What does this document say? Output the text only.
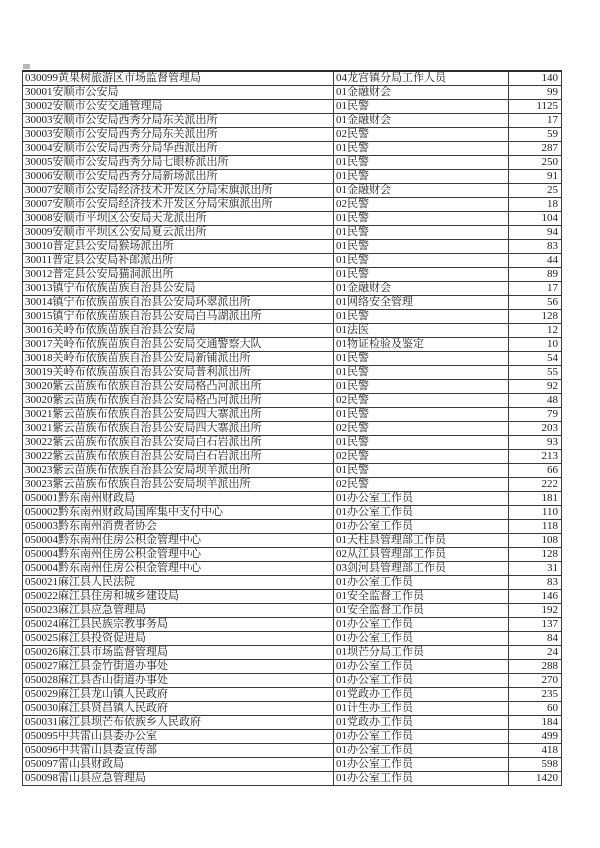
030099黄果树旅游区市场监督管理局	04龙宫镇分局工作人员	140
30001安顺市公安局	01金融财会	99
30002安顺市公安交通管理局	01民警	1125
30003安顺市公安局西秀分局东关派出所	01金融财会	17
30003安顺市公安局西秀分局东关派出所	02民警	59
30004安顺市公安局西秀分局华西派出所	01民警	287
30005安顺市公安局西秀分局七眼桥派出所	01民警	250
30006安顺市公安局西秀分局新场派出所	01民警	91
30007安顺市公安局经济技术开发区分局宋旗派出所	01金融财会	25
30007安顺市公安局经济技术开发区分局宋旗派出所	02民警	18
30008安顺市平坝区公安局天龙派出所	01民警	104
30009安顺市平坝区公安局夏云派出所	01民警	94
30010普定县公安局猴场派出所	01民警	83
30011普定县公安局补郎派出所	01民警	44
30012普定县公安局猫洞派出所	01民警	89
30013镇宁布依族苗族自治县公安局	01金融财会	17
30014镇宁布依族苗族自治县公安局环翠派出所	01网络安全管理	56
30015镇宁布依族苗族自治县公安局白马湖派出所	01民警	128
30016关岭布依族苗族自治县公安局	01法医	12
30017关岭布依族苗族自治县公安局交通警察大队	01物证检验及鉴定	10
30018关岭布依族苗族自治县公安局新铺派出所	01民警	54
30019关岭布依族苗族自治县公安局普利派出所	01民警	55
30020紫云苗族布依族自治县公安局格凸河派出所	01民警	92
30020紫云苗族布依族自治县公安局格凸河派出所	02民警	48
30021紫云苗族布依族自治县公安局四大寨派出所	01民警	79
30021紫云苗族布依族自治县公安局四大寨派出所	02民警	203
30022紫云苗族布依族自治县公安局白石岩派出所	01民警	93
30022紫云苗族布依族自治县公安局白石岩派出所	02民警	213
30023紫云苗族布依族自治县公安局坝羊派出所	01民警	66
30023紫云苗族布依族自治县公安局坝羊派出所	02民警	222
050001黔东南州财政局	01办公室工作员	181
050002黔东南州财政局国库集中支付中心	01办公室工作员	110
050003黔东南州消费者协会	01办公室工作员	118
050004黔东南州住房公积金管理中心	01天柱县管理部工作员	108
050004黔东南州住房公积金管理中心	02从江县管理部工作员	128
050004黔东南州住房公积金管理中心	03剑河县管理部工作员	31
050021麻江县人民法院	01办公室工作员	83
050022麻江县住房和城乡建设局	01安全监督工作员	146
050023麻江县应急管理局	01安全监督工作员	192
050024麻江县民族宗教事务局	01办公室工作员	137
050025麻江县投资促进局	01办公室工作员	84
050026麻江县市场监督管理局	01坝芒分局工作员	24
050027麻江县金竹街道办事处	01办公室工作员	288
050028麻江县杏山街道办事处	01办公室工作员	270
050029麻江县龙山镇人民政府	01党政办工作员	235
050030麻江县贤昌镇人民政府	01计生办工作员	60
050031麻江县坝芒布依族乡人民政府	01党政办工作员	184
050095中共雷山县委办公室	01办公室工作员	499
050096中共雷山县委宣传部	01办公室工作员	418
050097雷山县财政局	01办公室工作员	598
050098雷山县应急管理局	01办公室工作员	1420
